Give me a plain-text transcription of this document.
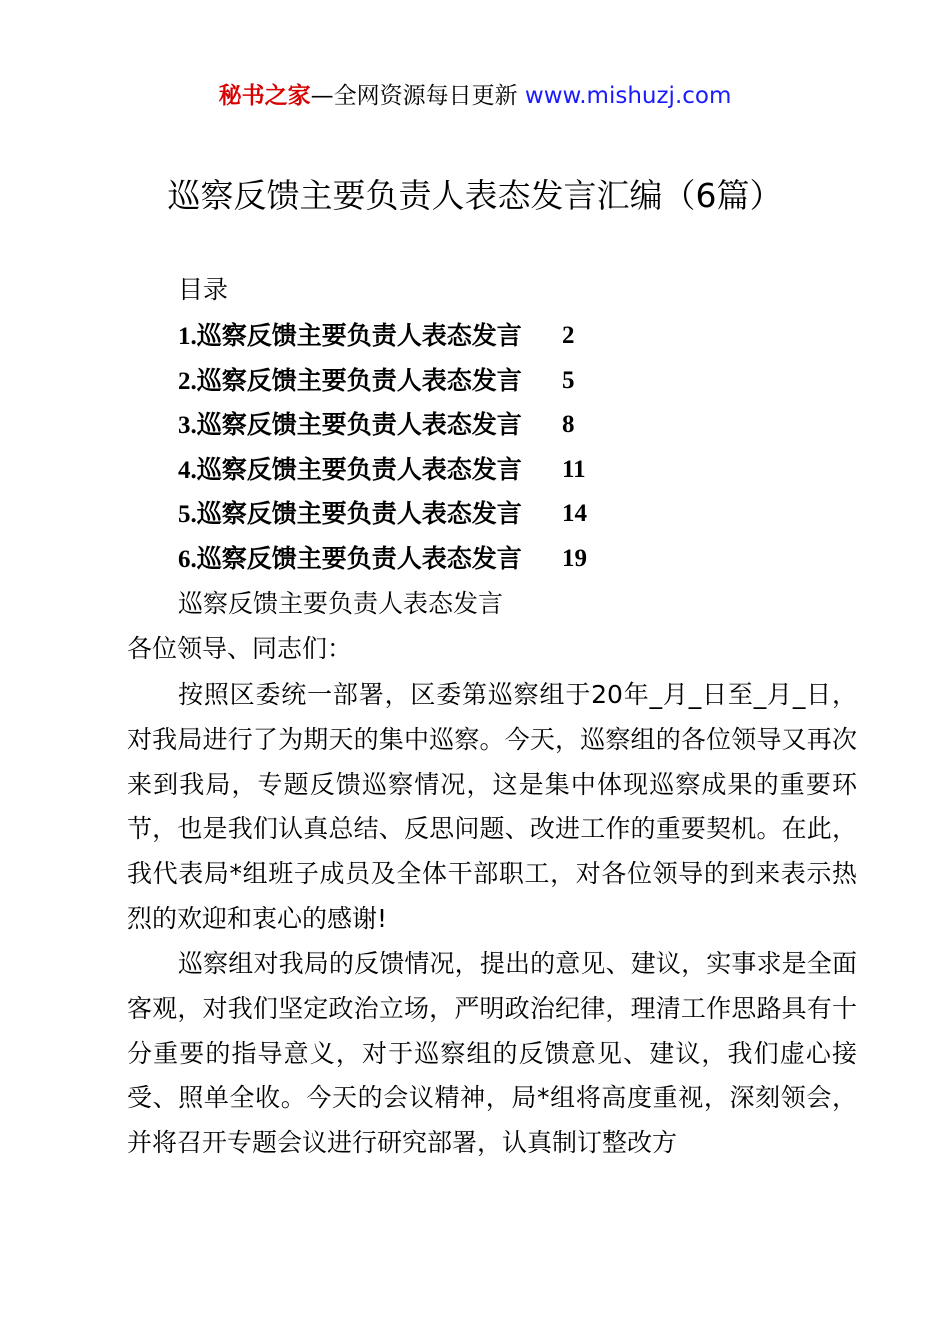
秘书之家—全网资源每日更新 www.mishuzj.com
巡察反馈主要负责人表态发言汇编（6篇）
目录
1.巡察反馈主要负责人表态发言	2
2.巡察反馈主要负责人表态发言	5
3.巡察反馈主要负责人表态发言	8
4.巡察反馈主要负责人表态发言	11
5.巡察反馈主要负责人表态发言	14
6.巡察反馈主要负责人表态发言	19
巡察反馈主要负责人表态发言
各位领导、同志们：

按照区委统一部署，区委第巡察组于20年_月_日至_月_日，对我局进行了为期天的集中巡察。今天，巡察组的各位领导又再次来到我局，专题反馈巡察情况，这是集中体现巡察成果的重要环节，也是我们认真总结、反思问题、改进工作的重要契机。在此，我代表局*组班子成员及全体干部职工，对各位领导的到来表示热烈的欢迎和衷心的感谢!

巡察组对我局的反馈情况，提出的意见、建议，实事求是全面客观，对我们坚定政治立场，严明政治纪律，理清工作思路具有十分重要的指导意义，对于巡察组的反馈意见、建议，我们虚心接受、照单全收。今天的会议精神，局*组将高度重视，深刻领会，并将召开专题会议进行研究部署，认真制订整改方
